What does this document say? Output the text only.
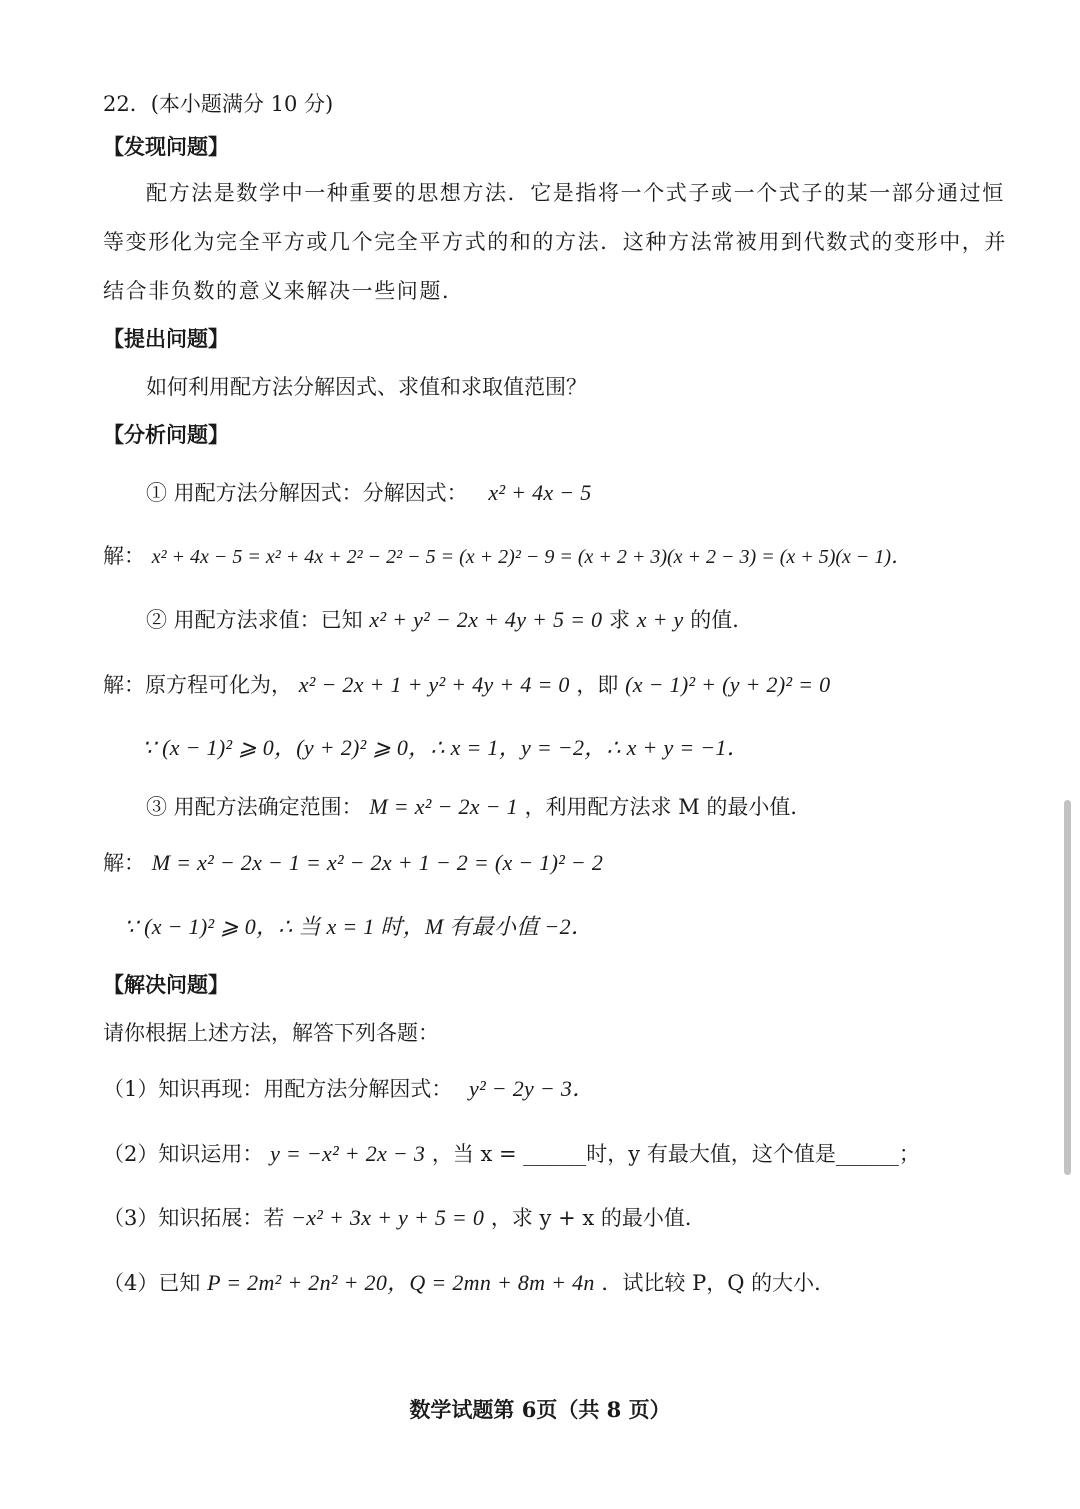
22．(本小题满分 10 分)
【发现问题】
配方法是数学中一种重要的思想方法．它是指将一个式子或一个式子的某一部分通过恒
等变形化为完全平方或几个完全平方式的和的方法．这种方法常被用到代数式的变形中，并
结合非负数的意义来解决一些问题．
【提出问题】
如何利用配方法分解因式、求值和求取值范围？
【分析问题】
① 用配方法分解因式：分解因式： x² + 4x − 5
解： x² + 4x − 5 = x² + 4x + 2² − 2² − 5 = (x + 2)² − 9 = (x + 2 + 3)(x + 2 − 3) = (x + 5)(x − 1)．
② 用配方法求值：已知 x² + y² − 2x + 4y + 5 = 0 求 x + y 的值．
解：原方程可化为， x² − 2x + 1 + y² + 4y + 4 = 0 ，即 (x − 1)² + (y + 2)² = 0
∵ (x − 1)² ⩾ 0，(y + 2)² ⩾ 0，∴ x = 1，y = −2，∴ x + y = −1．
③ 用配方法确定范围： M = x² − 2x − 1 ，利用配方法求 M 的最小值．
解： M = x² − 2x − 1 = x² − 2x + 1 − 2 = (x − 1)² − 2
∵ (x − 1)² ⩾ 0，∴ 当 x = 1 时，M 有最小值 −2．
【解决问题】
请你根据上述方法，解答下列各题：
（1）知识再现：用配方法分解因式： y² − 2y − 3．
（2）知识运用： y = −x² + 2x − 3 ，当 x = ______时，y 有最大值，这个值是______；
（3）知识拓展：若 −x² + 3x + y + 5 = 0 ，求 y + x 的最小值．
（4）已知 P = 2m² + 2n² + 20，Q = 2mn + 8m + 4n ．试比较 P，Q 的大小．
数学试题第 6页（共 8 页）
